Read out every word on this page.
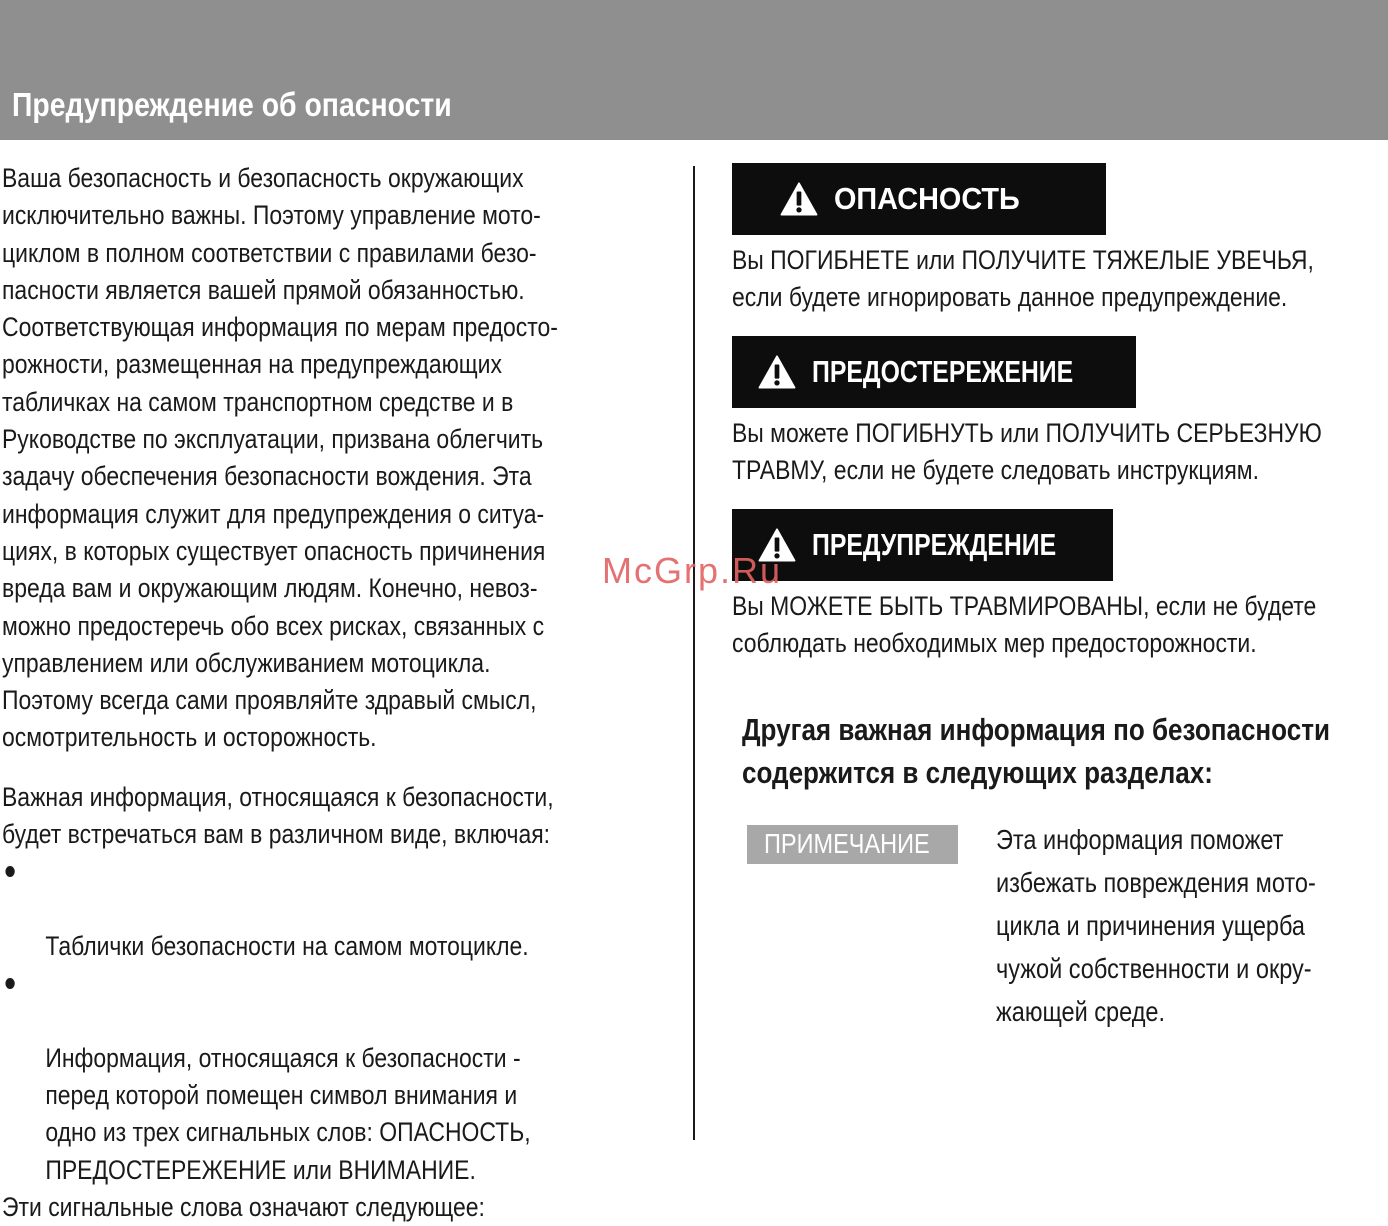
Предупреждение об опасности

Ваша безопасность и безопасность окружающих
исключительно важны. Поэтому управление мото-
циклом в полном соответствии с правилами безо-
пасности является вашей прямой обязанностью.
Соответствующая информация по мерам предосто-
рожности, размещенная на предупреждающих
табличках на самом транспортном средстве и в
Руководстве по эксплуатации, призвана облегчить
задачу обеспечения безопасности вождения. Эта
информация служит для предупреждения о ситуа-
циях, в которых существует опасность причинения
вреда вам и окружающим людям. Конечно, невоз-
можно предостеречь обо всех рисках, связанных с
управлением или обслуживанием мотоцикла.
Поэтому всегда сами проявляйте здравый смысл,
осмотрительность и осторожность.

Важная информация, относящаяся к безопасности,
будет встречаться вам в различном виде, включая:

Таблички безопасности на самом мотоцикле.

Информация, относящаяся к безопасности -
перед которой помещен символ внимания и
одно из трех сигнальных слов: ОПАСНОСТЬ,
ПРЕДОСТЕРЕЖЕНИЕ или ВНИМАНИЕ.

Эти сигнальные слова означают следующее:

ОПАСНОСТЬ

Вы ПОГИБНЕТЕ или ПОЛУЧИТЕ ТЯЖЕЛЫЕ УВЕЧЬЯ,
если будете игнорировать данное предупреждение.

ПРЕДОСТЕРЕЖЕНИЕ

Вы можете ПОГИБНУТЬ или ПОЛУЧИТЬ СЕРЬЕЗНУЮ
ТРАВМУ, если не будете следовать инструкциям.

ПРЕДУПРЕЖДЕНИЕ

Вы МОЖЕТЕ БЫТЬ ТРАВМИРОВАНЫ, если не будете
соблюдать необходимых мер предосторожности.

Другая важная информация по безопасности
содержится в следующих разделах:
ПРИМЕЧАНИЕ Эта информация поможет
избежать повреждения мото-
цикла и причинения ущерба
чужой собственности и окру-
жающей среде.

McGrp.Ru
